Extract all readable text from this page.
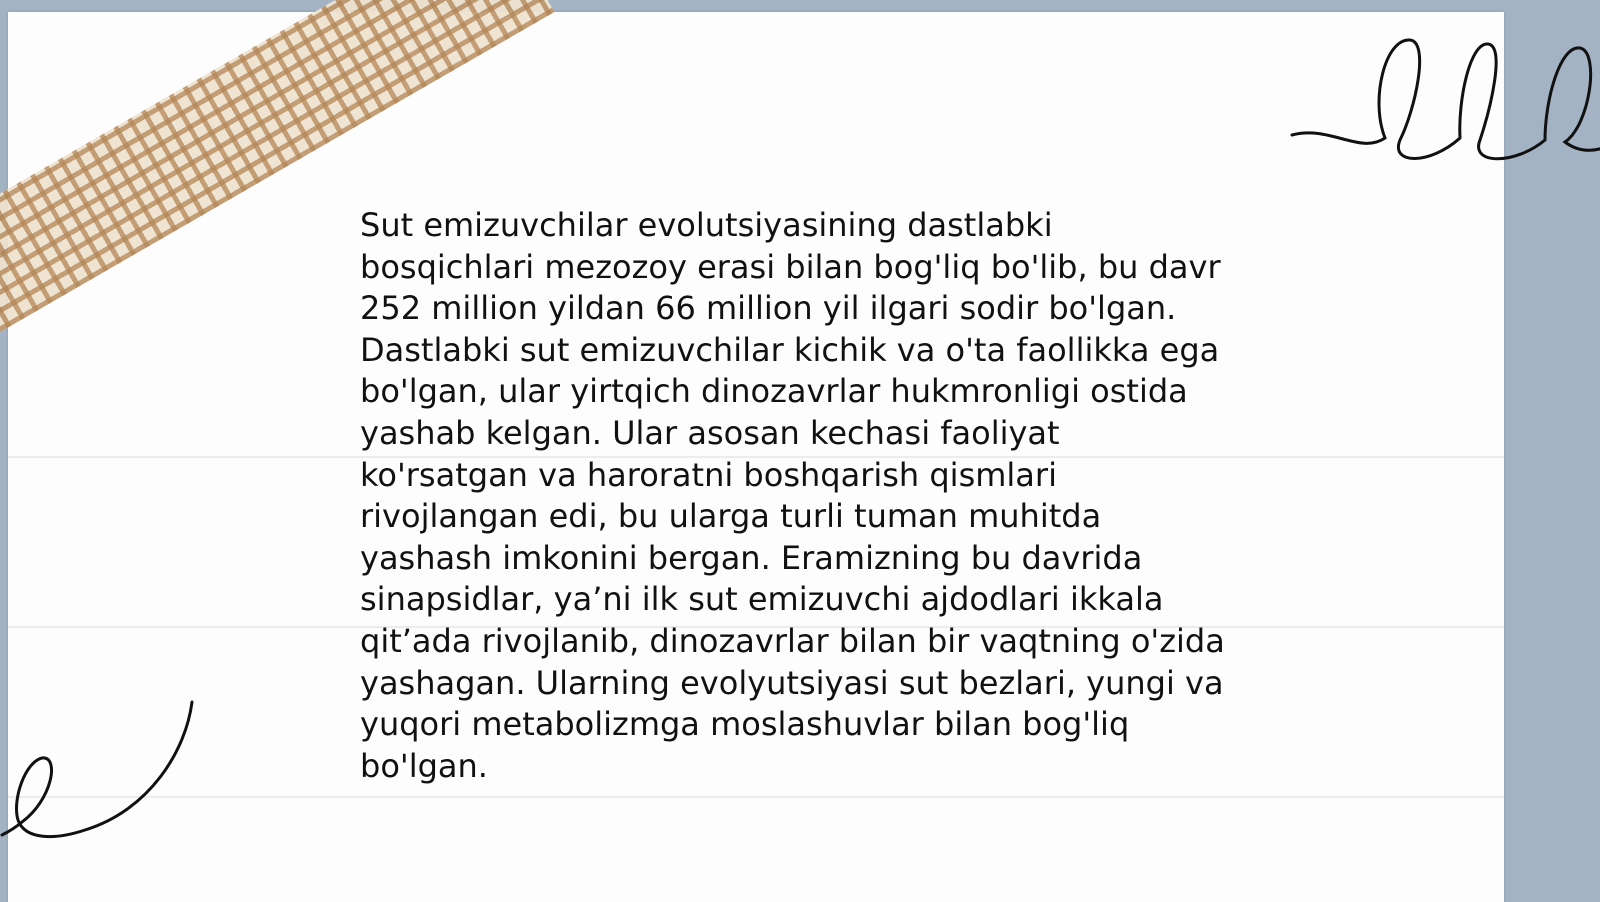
Sut emizuvchilar evolutsiyasining dastlabki
bosqichlari mezozoy erasi bilan bog'liq bo'lib, bu davr
252 million yildan 66 million yil ilgari sodir bo'lgan.
Dastlabki sut emizuvchilar kichik va o'ta faollikka ega
bo'lgan, ular yirtqich dinozavrlar hukmronligi ostida
yashab kelgan. Ular asosan kechasi faoliyat
ko'rsatgan va haroratni boshqarish qismlari
rivojlangan edi, bu ularga turli tuman muhitda
yashash imkonini bergan. Eramizning bu davrida
sinapsidlar, ya’ni ilk sut emizuvchi ajdodlari ikkala
qit’ada rivojlanib, dinozavrlar bilan bir vaqtning o'zida
yashagan. Ularning evolyutsiyasi sut bezlari, yungi va
yuqori metabolizmga moslashuvlar bilan bog'liq
bo'lgan.
